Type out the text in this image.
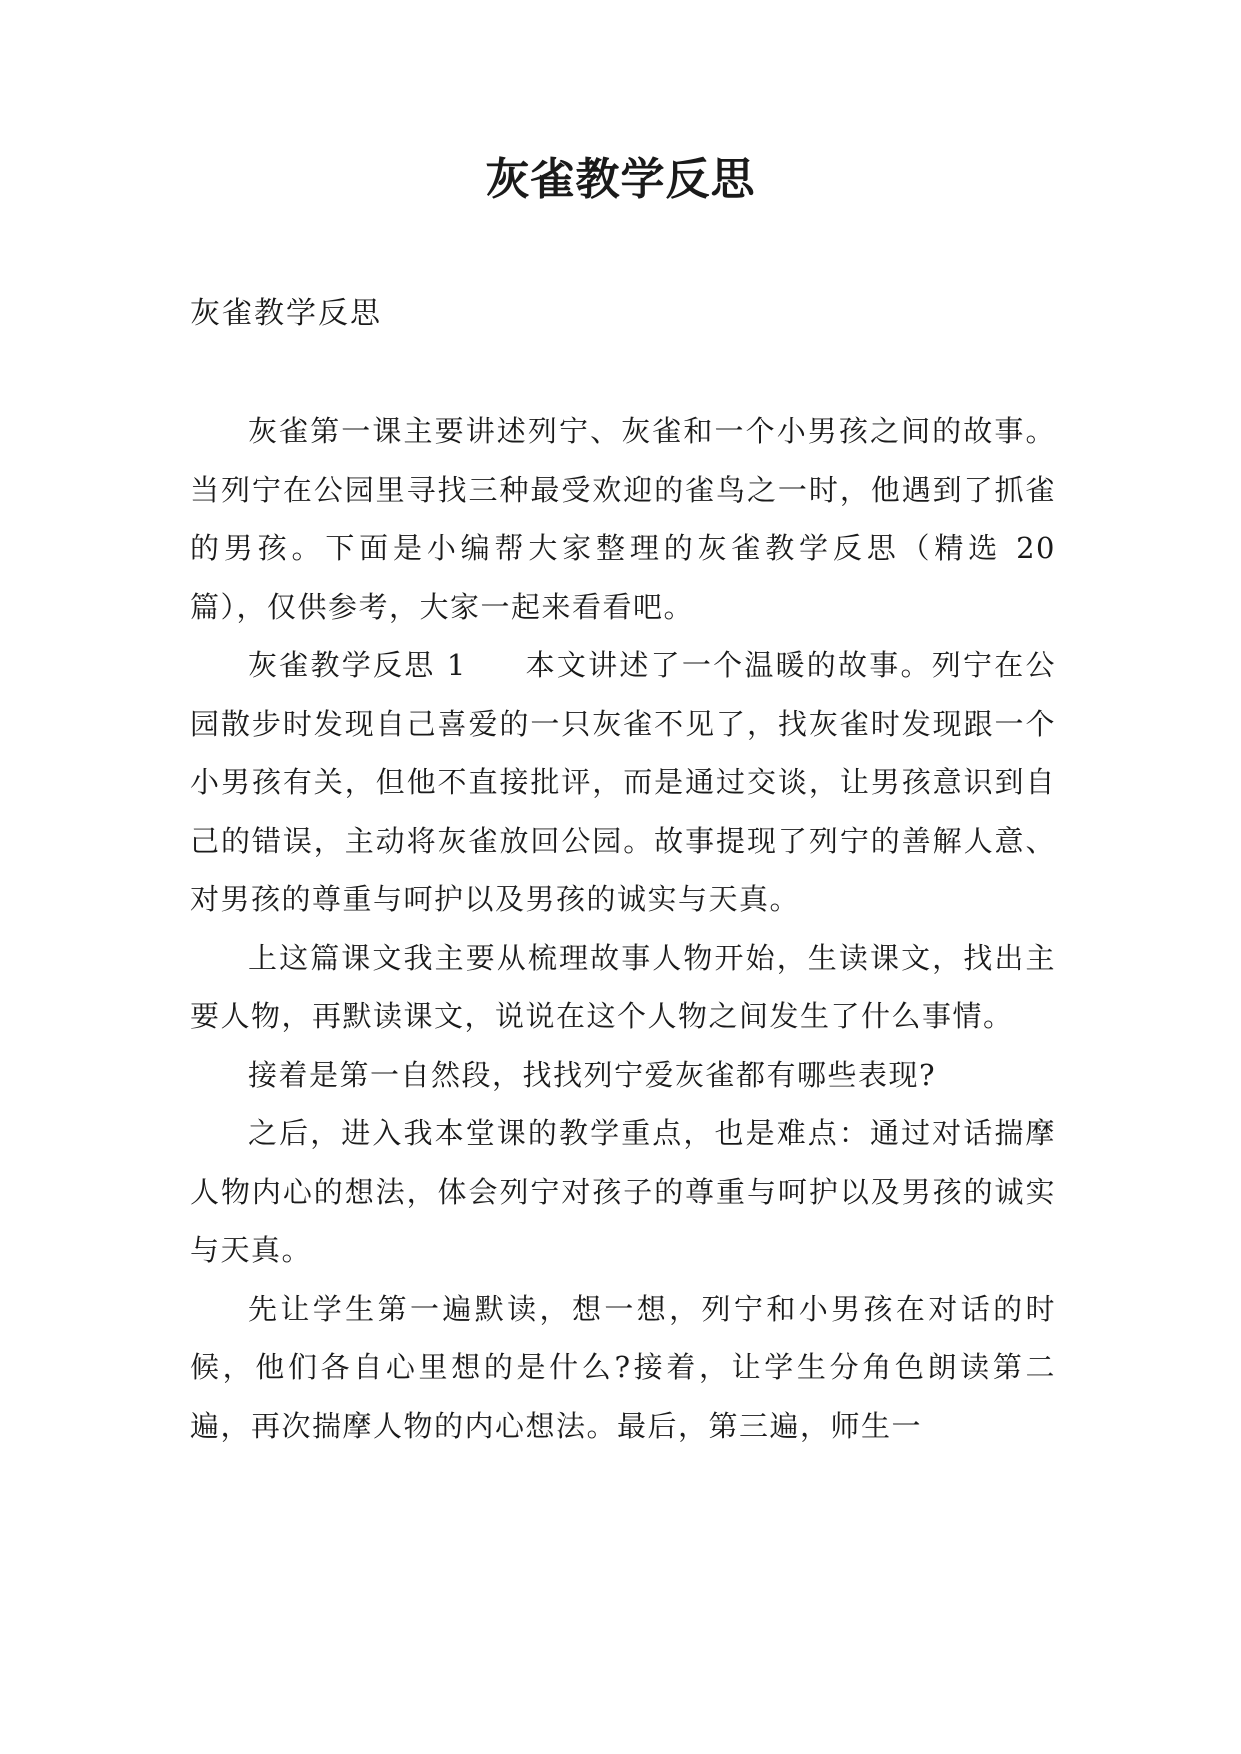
灰雀教学反思
灰雀教学反思

灰雀第一课主要讲述列宁、灰雀和一个小男孩之间的故事。当列宁在公园里寻找三种最受欢迎的雀鸟之一时，他遇到了抓雀的男孩。下面是小编帮大家整理的灰雀教学反思（精选 20 篇），仅供参考，大家一起来看看吧。

灰雀教学反思 1 本文讲述了一个温暖的故事。列宁在公园散步时发现自己喜爱的一只灰雀不见了，找灰雀时发现跟一个小男孩有关，但他不直接批评，而是通过交谈，让男孩意识到自己的错误，主动将灰雀放回公园。故事提现了列宁的善解人意、对男孩的尊重与呵护以及男孩的诚实与天真。

上这篇课文我主要从梳理故事人物开始，生读课文，找出主要人物，再默读课文，说说在这个人物之间发生了什么事情。

接着是第一自然段，找找列宁爱灰雀都有哪些表现?

之后，进入我本堂课的教学重点，也是难点：通过对话揣摩人物内心的想法，体会列宁对孩子的尊重与呵护以及男孩的诚实与天真。

先让学生第一遍默读，想一想，列宁和小男孩在对话的时候，他们各自心里想的是什么?接着，让学生分角色朗读第二遍，再次揣摩人物的内心想法。最后，第三遍，师生一
